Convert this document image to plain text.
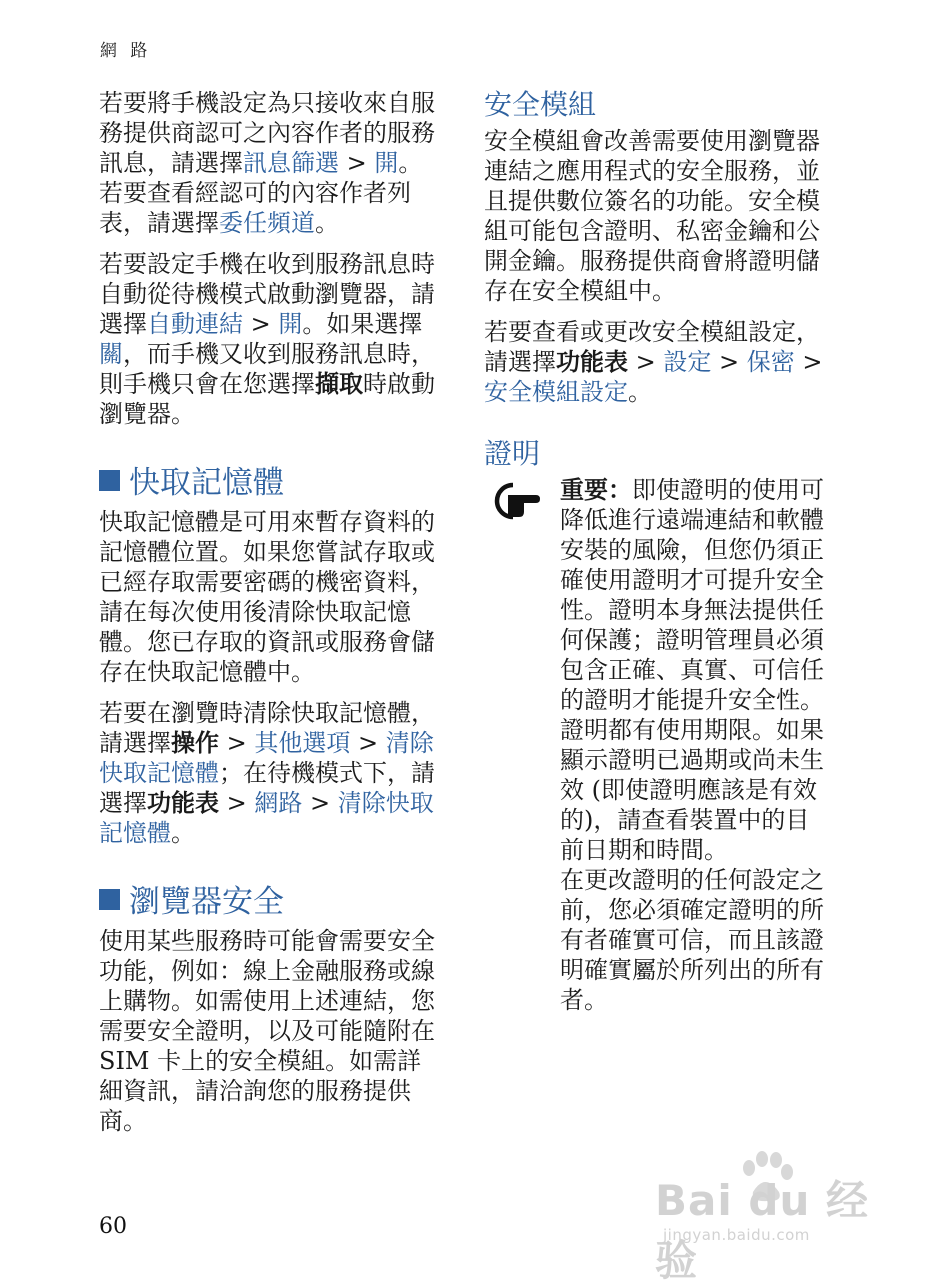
網 路

若要將手機設定為只接收來自服務提供商認可之內容作者的服務訊息，請選擇訊息篩選 > 開。若要查看經認可的內容作者列表，請選擇委任頻道。

若要設定手機在收到服務訊息時自動從待機模式啟動瀏覽器，請選擇自動連結 > 開。如果選擇關，而手機又收到服務訊息時，則手機只會在您選擇擷取時啟動瀏覽器。

快取記憶體

快取記憶體是可用來暫存資料的記憶體位置。如果您嘗試存取或已經存取需要密碼的機密資料，請在每次使用後清除快取記憶體。您已存取的資訊或服務會儲存在快取記憶體中。

若要在瀏覽時清除快取記憶體，請選擇操作 > 其他選項 > 清除快取記憶體；在待機模式下，請選擇功能表 > 網路 > 清除快取記憶體。

瀏覽器安全

使用某些服務時可能會需要安全功能，例如：線上金融服務或線上購物。如需使用上述連結，您需要安全證明，以及可能隨附在 SIM 卡上的安全模組。如需詳細資訊，請洽詢您的服務提供商。

安全模組

安全模組會改善需要使用瀏覽器連結之應用程式的安全服務，並且提供數位簽名的功能。安全模組可能包含證明、私密金鑰和公開金鑰。服務提供商會將證明儲存在安全模組中。

若要查看或更改安全模組設定，請選擇功能表 > 設定 > 保密 > 安全模組設定。

證明

重要：即使證明的使用可降低進行遠端連結和軟體安裝的風險，但您仍須正確使用證明才可提升安全性。證明本身無法提供任何保護；證明管理員必須包含正確、真實、可信任的證明才能提升安全性。證明都有使用期限。如果顯示證明已過期或尚未生效 (即使證明應該是有效的)，請查看裝置中的目前日期和時間。

在更改證明的任何設定之前，您必須確定證明的所有者確實可信，而且該證明確實屬於所列出的所有者。

60
Bai du 经验
jingyan.baidu.com
